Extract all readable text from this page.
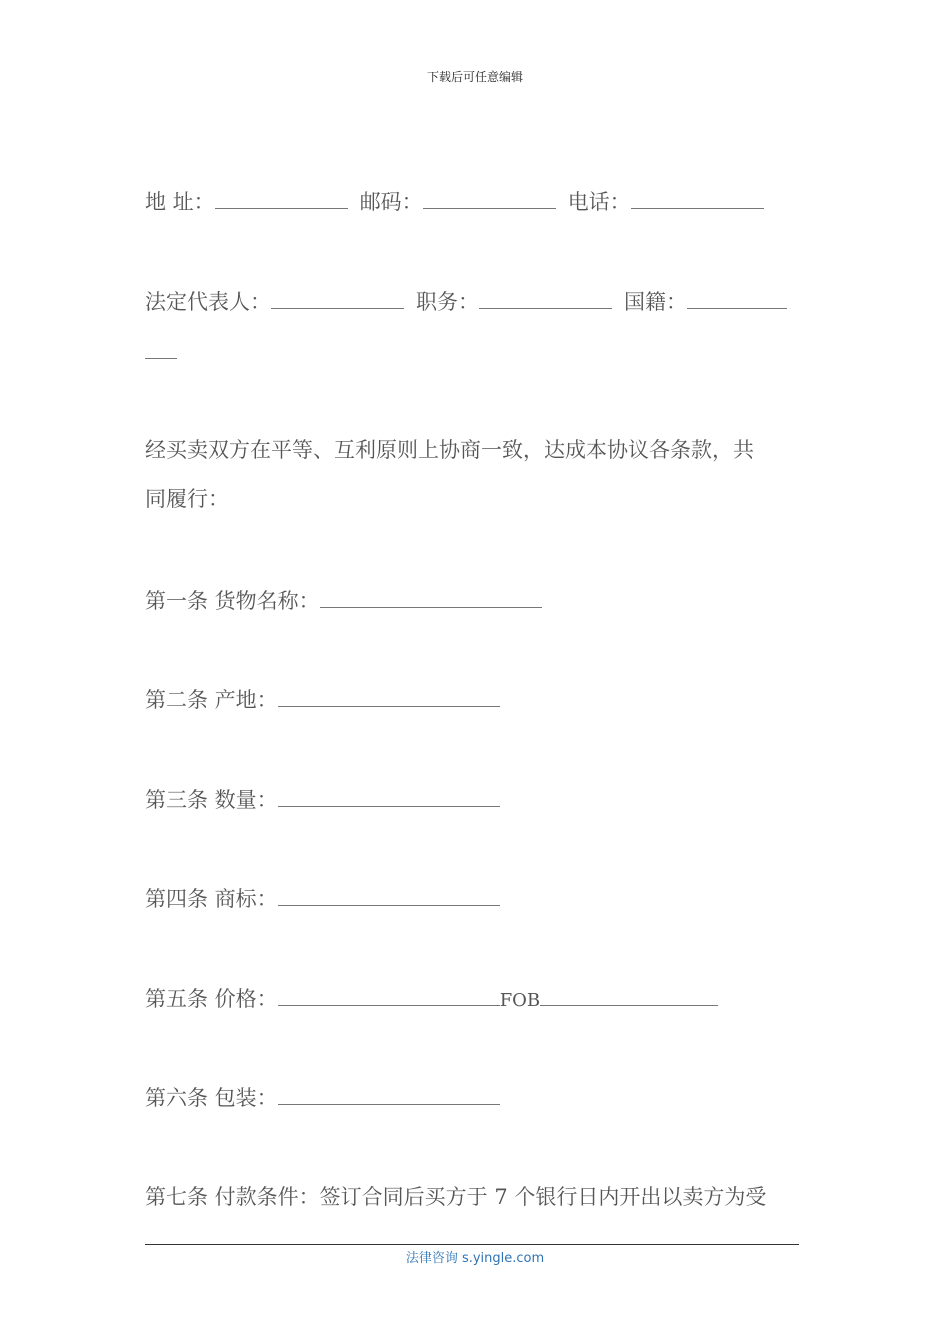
下载后可任意编辑
地 址：	邮码：	电话：
法定代表人：	职务：	国籍：
经买卖双方在平等、互利原则上协商一致，达成本协议各条款，共
同履行：
第一条 货物名称：
第二条 产地：
第三条 数量：
第四条 商标：
第五条 价格：	FOB
第六条 包装：
第七条 付款条件：签订合同后买方于 7 个银行日内开出以卖方为受
法律咨询 s.yingle.com
